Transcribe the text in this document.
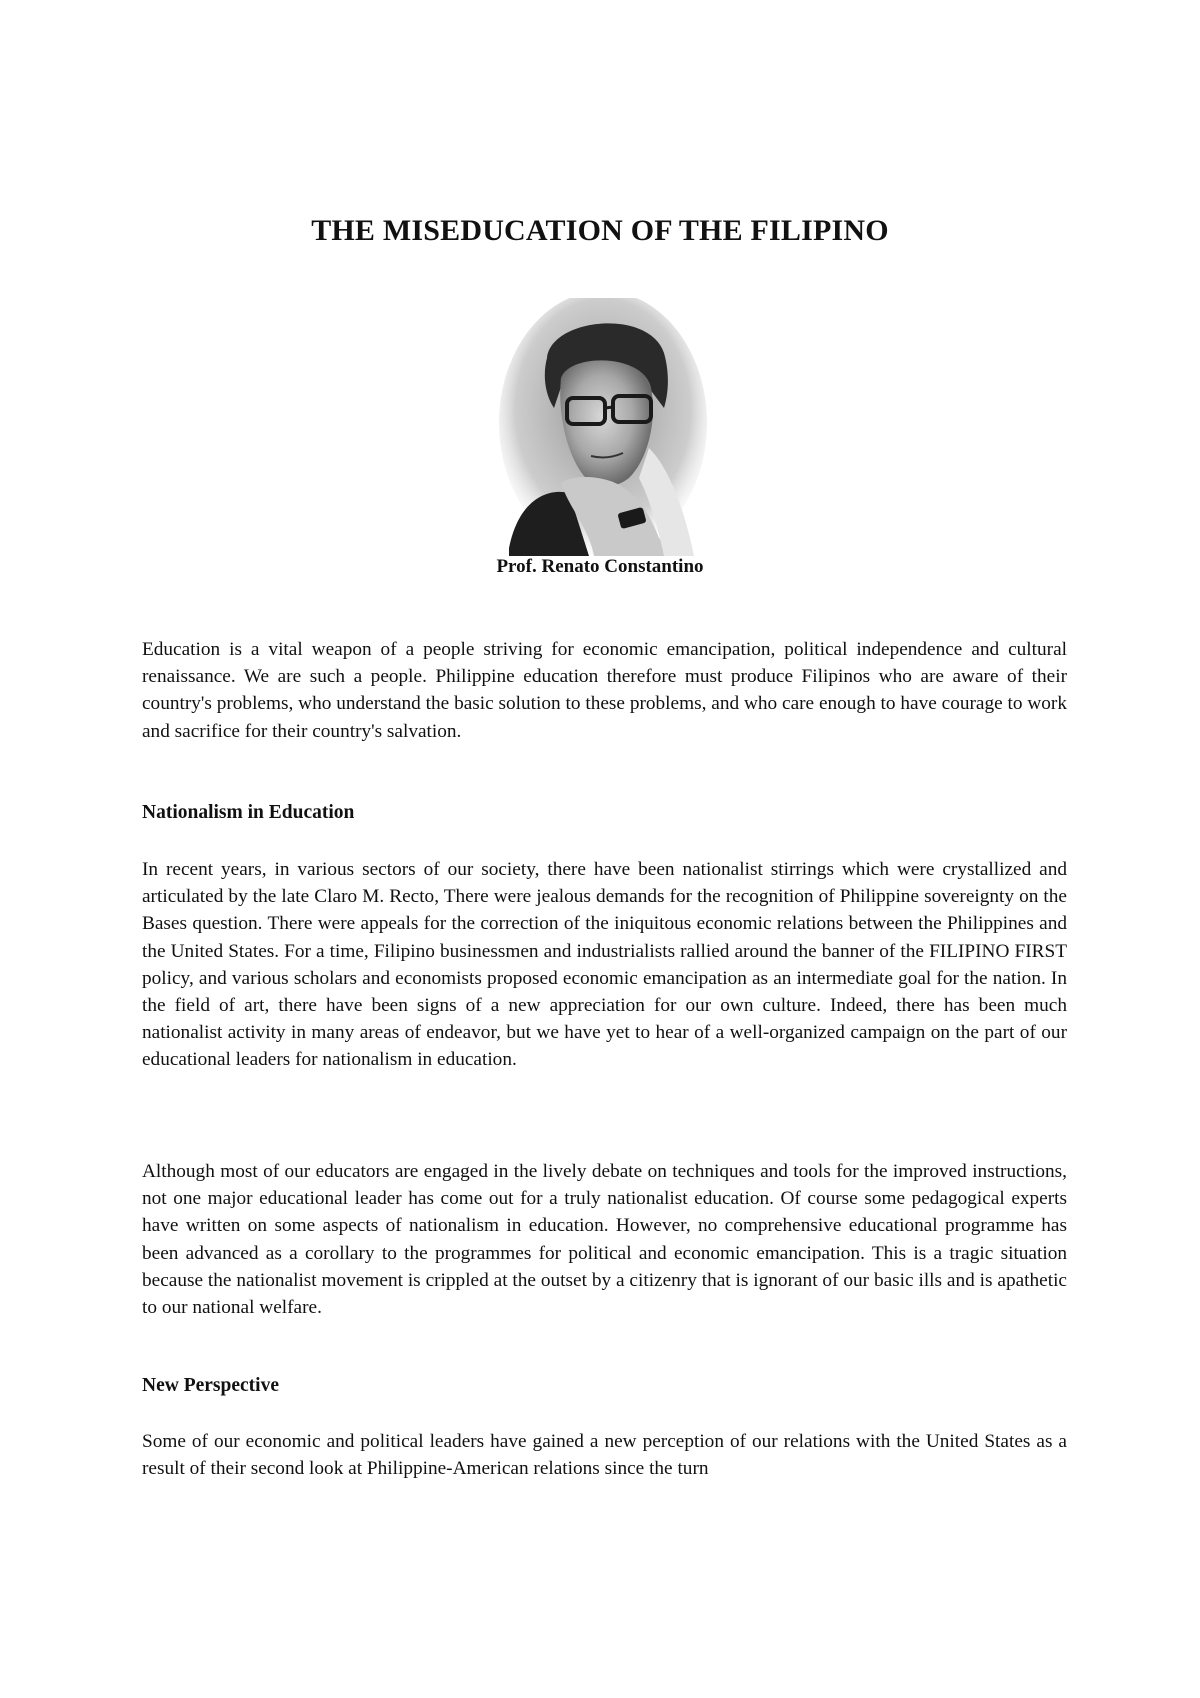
THE MISEDUCATION OF THE FILIPINO
Prof. Renato Constantino

Education is a vital weapon of a people striving for economic emancipation, political independence and cultural renaissance. We are such a people. Philippine education therefore must produce Filipinos who are aware of their country's problems, who understand the basic solution to these problems, and who care enough to have courage to work and sacrifice for their country's salvation.

Nationalism in Education

In recent years, in various sectors of our society, there have been nationalist stirrings which were crystallized and articulated by the late Claro M. Recto, There were jealous demands for the recognition of Philippine sovereignty on the Bases question. There were appeals for the correction of the iniquitous economic relations between the Philippines and the United States. For a time, Filipino businessmen and industrialists rallied around the banner of the FILIPINO FIRST policy, and various scholars and economists proposed economic emancipation as an intermediate goal for the nation. In the field of art, there have been signs of a new appreciation for our own culture. Indeed, there has been much nationalist activity in many areas of endeavor, but we have yet to hear of a well-organized campaign on the part of our educational leaders for nationalism in education.

Although most of our educators are engaged in the lively debate on techniques and tools for the improved instructions, not one major educational leader has come out for a truly nationalist education. Of course some pedagogical experts have written on some aspects of nationalism in education. However, no comprehensive educational programme has been advanced as a corollary to the programmes for political and economic emancipation. This is a tragic situation because the nationalist movement is crippled at the outset by a citizenry that is ignorant of our basic ills and is apathetic to our national welfare.

New Perspective

Some of our economic and political leaders have gained a new perception of our relations with the United States as a result of their second look at Philippine-American relations since the turn
